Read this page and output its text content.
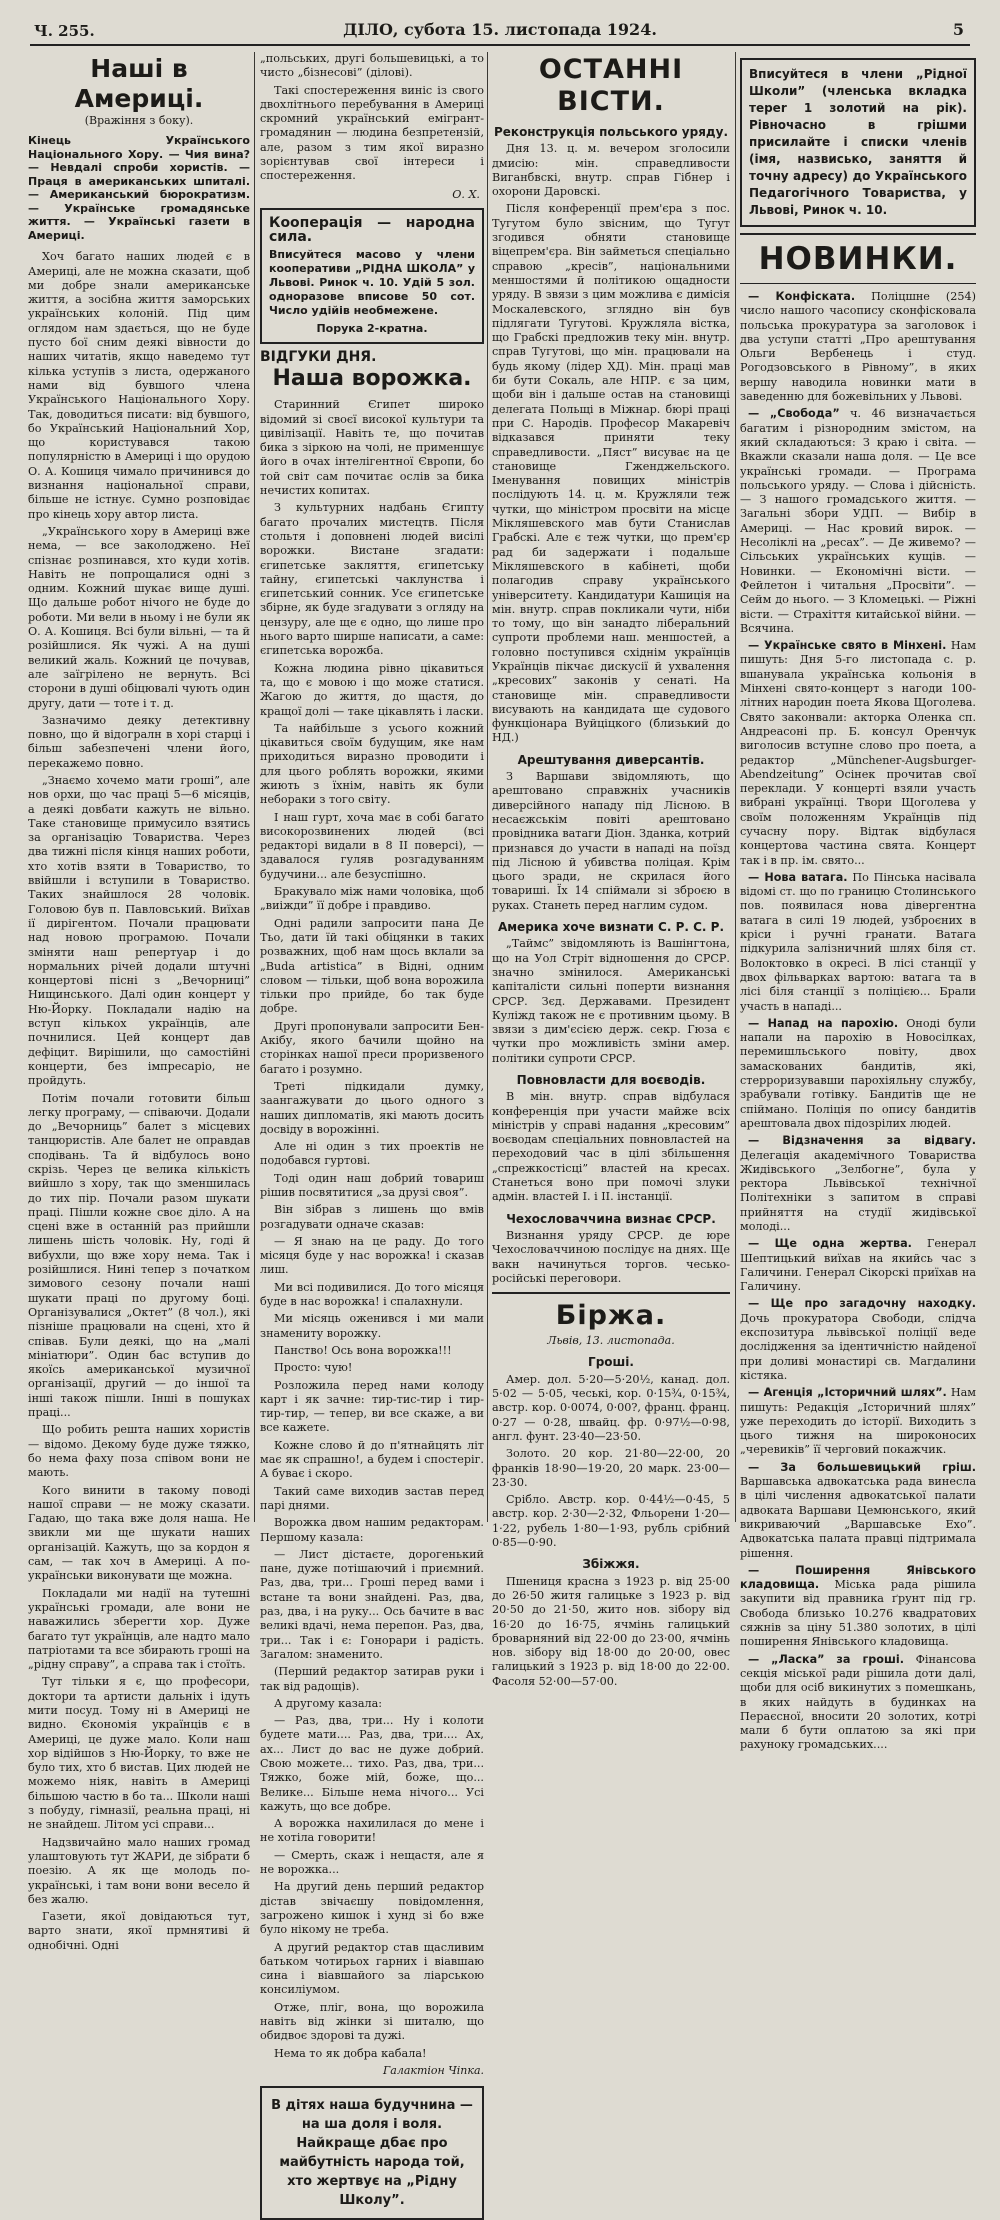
Ч. 255.	ДІЛО, субота 15. листопада 1924.	5
Наші в Америці.
(Вражіння з боку).
Кінець Українського Національного Хору. — Чия вина? — Невдалі спроби хористів. — Праця в американських шпиталі. — Американський бюрократизм. — Українське громадянське життя. — Українські газети в Америці.

Хоч багато наших людей є в Америці, але не можна сказати, щоб ми добре знали американське життя, а зосібна життя заморських українських колоній. Під цим оглядом нам здається, що не буде пусто бої сним деякі вівности до наших читатів, якщо наведемо тут кілька уступів з листа, одержаного нами від бувшого члена Українського Національного Хору. Так, доводиться писати: від бувшого, бо Український Національний Хор, що користувався такою популярністю в Америці і що орудою О. А. Кошиця чимало причинився до визнання національної справи, більше не істнує. Сумно розповідає про кінець хору автор листа.

„Українського хору в Америці вже нема, — все заколоджено. Неї спізнає розпинався, хто куди хотів. Навіть не попрощалися одні з одним. Кожний шукає вище душі. Що дальше робот нічого не буде до роботи. Ми вели в ньому і не були як О. А. Кошиця. Всі були вільні, — та й розійшлися. Як чужі. А на душі великий жаль. Кожний це почував, але заїгрілено не вернуть. Всі сторони в душі обіцювалі чують один другу, дати — тоте і т. д.

Зазначимо деяку детективну повно, що й відогралн в хорі старці і більш забезпечені члени його, перекажемо повно.

„Знаємо хочемо мати гроші”, але нов орхи, що час праці 5—6 місяців, а деякі довбати кажуть не вільно. Таке становище примусило взятись за організацію Товариства. Через два тижні після кінця наших роботи, хто хотів взяти в Товариство, то ввійшли і вступили в Товариство. Таких знайшлося 28 чоловік. Головою був п. Павловський. Виїхав ії дирігентом. Почали працювати над новою програмою. Почали зміняти наш репертуар і до нормальних річей додали штучні концертові пісні з „Вечорниці” Нищинського. Далі один концерт у Ню-Йорку. Покладали надію на вступ кількох українців, але почнилися. Цей концерт дав дефіцит. Вирішили, що самостійні концерти, без імпресаріо, не пройдуть.

Потім почали готовити більш легку програму, — співаючи. Додали до „Вечорниць” балет з місцевих танцюристів. Але балет не оправдав сподівань. Та й відбулось воно скрізь. Через це велика кількість вийшло з хору, так що зменшилась до тих пір. Почали разом шукати праці. Пішли кожне своє діло. А на сцені вже в останній раз прийшли лишень шість чоловік. Ну, годі й вибухли, що вже хору нема. Так і розійшлися. Нині тепер з початком зимового сезону почали наші шукати праці по другому боці. Організувалися „Октет” (8 чол.), які пізніше працювали на сцені, хто й співав. Були деякі, що на „малі мініатюри”. Один бас вступив до якоїсь американської музичної організації, другий — до іншої та інші також пішли. Інші в пошуках праці...

Що робить решта наших хористів — відомо. Декому буде дуже тяжко, бо нема фаху поза співом вони не мають.

Кого винити в такому поводі нашої справи — не можу сказати. Гадаю, що така вже доля наша. Не звикли ми ще шукати наших організацій. Кажуть, що за кордон я сам, — так хоч в Америці. А по-українськи виконувати ще можна.

Покладали ми надії на тутешні українські громади, але вони не наважились зберегти хор. Дуже багато тут українців, але надто мало патріотами та все збирають гроші на „рідну справу”, а справа так і стоїть.

Тут тільки я є, що професори, доктори та артисти дальніх і ідуть мити посуд. Тому ні в Америці не видно. Єкономія українців є в Америці, це дуже мало. Коли наш хор відійшов з Ню-Йорку, то вже не було тих, хто б вистав. Цих людей не можемо ніяк, навіть в Америці більшою частю в бо та... Школи наші з побуду, гімназії, реальна праці, ні не знайдеш. Літом усі справи...

Надзвичайно мало наших громад улаштовують тут ЖАРИ, де зібрати б поезію. А як ще молодь по-українські, і там вони вони весело й без жалю.

Газети, якої довідаються тут, варто знати, якої прмнятиві й однобічні. Одні

„польських, другі большевицькі, а то чисто „бізнесові” (ділові).

Такі спостереження виніс із свого двохлітнього перебування в Америці скромний український емігрант-громадянин — людина безпретензій, але, разом з тим якої виразно зорієнтував свої інтереси і спостереження.

О. Х.
Кооперація — народна сила.
Вписуйтеся масово у члени кооперативи „РІДНА ШКОЛА” у Львові. Ринок ч. 10. Удій 5 зол. одноразове вписове 50 сот. Число удійів необмежене.
Порука 2-кратна.
ВІДГУКИ ДНЯ.
Наша ворожка.

Старинний Єгипет широко відомий зі своєї високої культури та цивілізації. Навіть те, що почитав бика з зіркою на чолі, не применшує його в очах інтелігентної Європи, бо той світ сам почитає ослів за бика нечистих копитах.

З культурних надбань Єгипту багато прочалих мистецтв. Після стольтя і доповнені людей висілі ворожки. Вистане згадати: єгипетське закляття, єгипетську тайну, єгипетські чаклунства і єгипетський сонник. Усе єгипетське збірне, як буде згадувати з огляду на цензуру, але ще є одно, що лише про нього варто ширше написати, а саме: єгипетська ворожба.

Кожна людина рівно цікавиться та, що є мовою і що може статися. Жагою до життя, до щастя, до кращої долі — таке цікавлять і ласки.

Та найбільше з усього кожний цікавиться своїм будущим, яке нам приходиться виразно проводити і для цього роблять ворожки, якими жиють з їхнім, навіть як були небораки з того світу.

І наш гурт, хоча має в собі багато високорозвинених людей (всі редакторі видали в 8 ІІ поверсі), — здавалося гуляв розгадуванням будучини... але безуспішно.

Бракувало між нами чоловіка, щоб „виіжди” її добре і правдиво.

Одні радили запросити пана Де Тьо, дати їй такі обіцянки в таких розважних, щоб нам щось вклали за „Buda artistica” в Відні, одним словом — тільки, щоб вона ворожила тільки про прийде, бо так буде добре.

Другі пропонували запросити Бен-Акібу, якого бачили щойно на сторінках нашої преси проризвеного багато і розумно.

Треті підкидали думку, заангажувати до цього одного з наших дипломатів, які мають досить досвіду в ворожінні.

Але ні один з тих проектів не подобався гуртові.

Тоді один наш добрий товариш рішив посвятитися „за друзі своя”.

Він зібрав з лишень що вмів розгадувати одначе сказав:

— Я знаю на це раду. До того місяця буде у нас ворожка! і сказав лиш.

Ми всі подивилися. До того місяця буде в нас ворожка! і спалахнули.

Ми місяць оженився і ми мали знамениту ворожку.

Панство! Ось вона ворожка!!!

Просто: чую!

Розложила перед нами колоду карт і як зачне: тир-тис-тир і тир-тир-тир, — тепер, ви все скаже, а ви все кажете.

Кожне слово й до п'ятнайцять літ має як спрашно!, а будем і спостеріг. А буває і скоро.

Такий саме виходив застав перед парі днями.

Ворожка двом нашим редакторам. Першому казала:

— Лист дістаєте, дорогенький пане, дуже потішаючий і приємний. Раз, два, три... Гроші перед вами і встане та вони знайдені. Раз, два, раз, два, і на руку... Ось бачите в вас великі вдачі, нема перепон. Раз, два, три... Так і є: Гонорари і радість. Загалом: знаменито.

(Перший редактор затирав руки і так від радощів).

А другому казала:

— Раз, два, три... Ну і колоти будете мати.... Раз, два, три.... Ах, ах... Лист до вас не дуже добрий. Свою можете... тихо. Раз, два, три... Тяжко, боже мій, боже, що... Велике... Більше нема нічого... Усі кажуть, що все добре.

А ворожка нахилилася до мене і не хотіла говорити!

— Смерть, скаж і нещастя, але я не ворожка...

На другий день перший редактор дістав звічаєшу повідомлення, загрожено кишок і хунд зі бо вже було нікому не треба.

А другий редактор став щасливим батьком чотирьох гарних і віавшаю сина і віавшайого за ліарською консиліумом.

Отже, пліг, вона, що ворожила навіть від жінки зі шиталю, що обидвоє здорові та дужі.

Нема то як добра кабала!

Галактіон Чіпка.
В дітях наша будучнина — на ша доля і воля. Найкраще дбає про майбутність народа той, хто жертвує на „Рідну Школу”.
ОСТАННІ ВІСТИ.
Реконструкція польського уряду.

Дня 13. ц. м. вечером зголосили дмисію: мін. справедливости Виганбвскі, внутр. справ Гібнер і охорони Даровскі.

Після конференції прем'єра з пос. Тугутом було звісним, що Тугут згодився обняти становище віцепрем'єра. Він займеться спеціально справою „кресів”, національними меншостями й політикою ощадности уряду. В звязи з цим можлива є димісія Москалевского, зглядно він був підлягати Тугутові. Кружляла вістка, що Грабскі предложив теку мін. внутр. справ Тугутові, що мін. працювали на будь якому (лідер ХД). Мін. праці мав би бути Сокаль, але НПР. є за цим, щоби він і дальше остав на становищі делегата Польщі в Міжнар. бюрі праці при С. Народів. Професор Макаревіч відказався приняти теку справедливости. „Пяст” висуває на це становище Гженджельского. Іменування повищих міністрів послідують 14. ц. м. Кружляли теж чутки, що міністром просвіти на місце Мікляшевского мав бути Станислав Грабскі. Але є теж чутки, що прем'єр рад би задержати і подальше Мікляшевского в кабінеті, щоби полагодив справу українського університету. Кандидатури Кашиція на мін. внутр. справ покликали чути, ніби то тому, що він занадто ліберальний супроти проблеми наш. меншостей, а головно поступився східнім українців Українців пікчає дискусії й ухвалення „кресових” законів у сенаті. На становище мін. справедливости висувають на кандидата ще судового функціонара Вуйціцкого (близький до НД.)

Арештування диверсантів.

З Варшави звідомляють, що арештовано справжніх учасників диверсійного нападу під Лісною. В несаєжськім повіті арештовано провідника ватаги Діон. Зданка, котрий признався до участи в нападі на поїзд під Лісною й убивства поліцая. Крім цього зради, не скрилася його товариші. Їх 14 спіймали зі зброєю в руках. Станеть перед наглим судом.

Америка хоче визнати С. Р. С. Р.

„Таймс” звідомляють із Вашінгтона, що на Уол Стріт відношення до СРСР. значно змінилося. Американські капіталісти сильні поперти визнання СРСР. Зєд. Державами. Президент Куліжд також не є противним цьому. В звязи з дим'єсією держ. секр. Гюза є чутки про можливість зміни амер. політики супроти СРСР.

Повновласти для воєводів.

В мін. внутр. справ відбулася конференція при участи майже всіх міністрів у справі надання „кресовим” воєводам спеціальних повновластей на переходовий час в цілі збільшення „спрежкостісці” властей на кресах. Станеться воно при помочі злуки адмін. властей І. і ІІ. інстанції.

Чехословаччина визнає СРСР.

Визнання уряду СРСР. де юре Чехословаччиною послідує на днях. Ще вакн начинуться торгов. чесько-російські переговори.

Біржа.
Львів, 13. листопада.
Гроші.

Амер. дол. 5·20—5·20½, канад. дол. 5·02 — 5·05, чеські, кор. 0·15¾, 0·15¾, австр. кор. 0·0074, 0·00?, франц. франц. 0·27 — 0·28, швайц. фр. 0·97½—0·98, англ. фунт. 23·40—23·50.

Золото. 20 кор. 21·80—22·00, 20 франків 18·90—19·20, 20 марк. 23·00—23·30.

Срібло. Австр. кор. 0·44½—0·45, 5 австр. кор. 2·30—2·32, Фльорени 1·20—1·22, рубель 1·80—1·93, рубль срібний 0·85—0·90.

Збіжжя.

Пшениця красна з 1923 р. від 25·00 до 26·50 житя галицьке з 1923 р. від 20·50 до 21·50, жито нов. зібору від 16·20 до 16·75, ячмінь галицький броварняний від 22·00 до 23·00, ячмінь нов. зібору від 18·00 до 20·00, овес галицький з 1923 р. від 18·00 до 22·00. Фасоля 52·00—57·00.

Вписуйтеся в члени „Рідної Школи” (членська вкладка теper 1 золотий на рік). Рівночасно в грішми присилайте і списки членів (імя, назвисько, заняття й точну адресу) до Українського Педагогічного Товариства, у Львові, Ринок ч. 10.
НОВИНКИ.

— Конфіската. Поліцшне (254) число нашого часопису сконфісковала польська прокуратура за заголовок і два уступи статті „Про арештування Ольги Вербенець і студ. Рогодзовського в Рівному”, в яких вершу наводила новинки мати в заведенню для божевільних у Львові.

— „Свобода” ч. 46 визначається багатим і різнородним змістом, на який складаються: З краю і світа. — Вкажли сказали наша доля. — Це все українські громади. — Програма польського уряду. — Слова і дійсність. — З нашого громадського життя. — Загальні збори УДП. — Вибір в Америці. — Нас кровий вирок. — Несоліклі на „ресах”. — Де живемо? — Сільських українських кущів. — Новинки. — Економічні вісти. — Фейлетон і читальня „Просвіти”. — Сейм до нього. — З Кломецькі. — Ріжні вісти. — Страхіття китайської війни. — Всячина.

— Українське свято в Мінхені. Нам пишуть: Дня 5-го листопада с. р. вшанувала українська кольонія в Мінхені свято-концерт з нагоди 100-літних народин поета Якова Щоголева. Свято законвали: акторка Оленка сп. Андрeасоні пр. Б. консул Оренчук виголосив вступне слово про поета, а редактор „Münchener-Augsburger-Abendzeitung” Осінек прочитав свої переклади. У концерті взяли участь вибрані українці. Твори Щоголева у своїм положенням Українців під сучасну пору. Відтак відбулася концертова частина свята. Концерт так і в пр. ім. свято...

— Нова ватага. По Пінська насівала відомі ст. що по границю Столинського пов. появилася нова дівергентна ватага в силі 19 людей, узброєних в кріси і ручні гранати. Ватага підкурила залізничний шлях біля ст. Волоктовко в окресі. В лісі станції у двох фільварках вартою: ватага та в лісі біля станції з поліцією... Брали участь в нападі...

— Напад на парохію. Оноді були напали на парохію в Новосілках, перемишльського повіту, двох замаскованих бандитів, які, стерроризувавши парохіяльну службу, зрабували готівку. Бандитів ще не спіймано. Поліція по опису бандитів арештовала двох підозрілих людей.

— Відзначення за відвагу. Делегація академічного Товариства Жидівського „Зелбогне”, була у ректора Львівської технічної Політехніки з запитом в справі прийняття на студії жидівської молоді...

— Ще одна жертва. Генерал Шептицький виїхав на якийсь час з Галичини. Генерал Сікорскі приїхав на Галичину.

— Ще про загадочну находку. Дочь прокуратора Свободи, слідча експозитура львівської поліції веде дослідження за ідентичністю найденої при доливі монастирі св. Магдалини кістяка.

— Агенція „Історичний шлях”. Нам пишуть: Редакція „Історичний шлях” уже переходить до історії. Виходить з цього тижня на широконосих „черевиків” її черговий покажчик.

— За большевицький гріш. Варшавська адвокатська рада винесла в цілі числення адвокатської палати адвоката Варшави Цемюнського, який викриваючий „Варшавське Ехо”. Адвокатська палата правці підтримала рішення.

— Поширення Янівського кладовища. Міська рада рішила закупити від правника ґрунт під гр. Свобода близько 10.276 квадратових сяжнів за ціну 51.380 золотих, в цілі поширення Янівського кладовища.

— „Ласка” за гроші. Фінансова секція міської ради рішила доти далі, щоби для осіб викинутих з помешкань, в яких найдуть в будинках на Пераєсної, вносити 20 золотих, котрі мали б бути оплатою за які при рахуноку громадських....
